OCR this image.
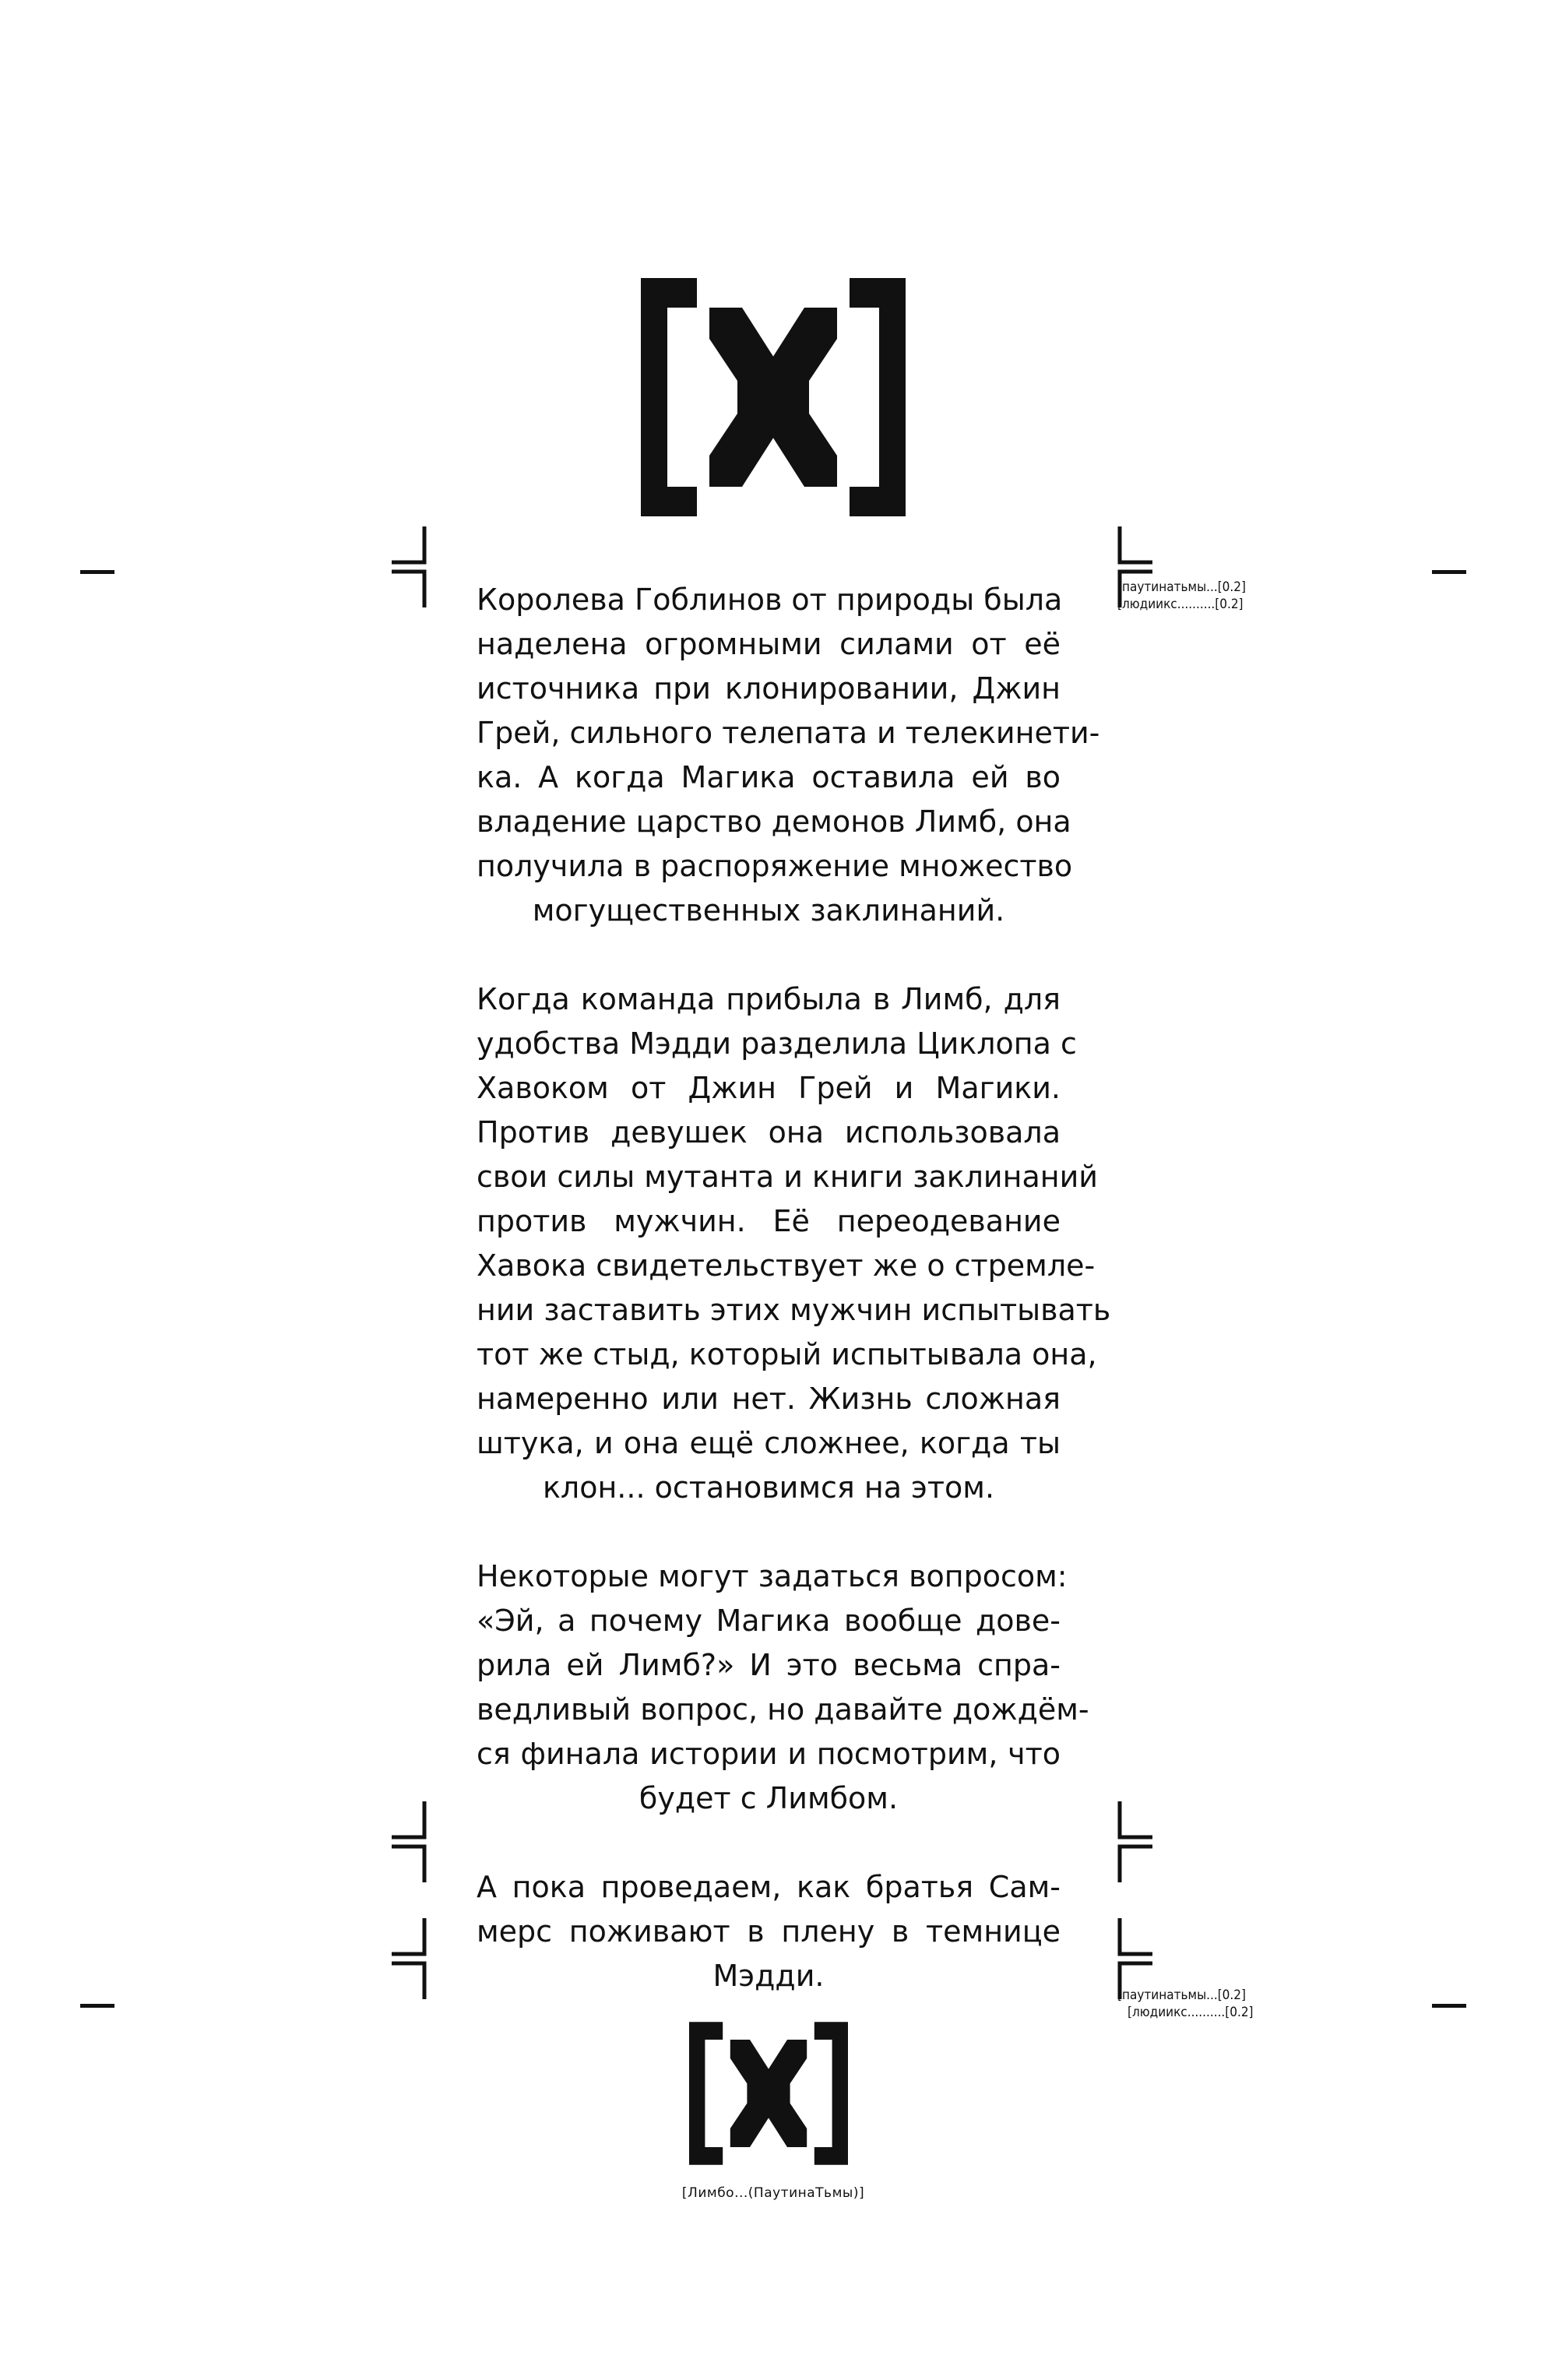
[Лимбо...(ПаутинаТьмы)]

Королева Гоблинов от природы была
наделена огромными силами от её
источника при клонировании, Джин
Грей, сильного телепата и телекинети-
ка. А когда Магика оставила ей во
владение царство демонов Лимб, она
получила в распоряжение множество
могущественных заклинаний.

Когда команда прибыла в Лимб, для
удобства Мэдди разделила Циклопа с
Хавоком от Джин Грей и Магики.
Против девушек она использовала
свои силы мутанта и книги заклинаний
против мужчин. Её переодевание
Хавока свидетельствует же о стремле-
нии заставить этих мужчин испытывать
тот же стыд, который испытывала она,
намеренно или нет. Жизнь сложная
штука, и она ещё сложнее, когда ты
клон... остановимся на этом.

Некоторые могут задаться вопросом:
«Эй, а почему Магика вообще дове-
рила ей Лимб?» И это весьма спра-
ведливый вопрос, но давайте дождём-
ся финала истории и посмотрим, что
будет с Лимбом.

А пока проведаем, как братья Сам-
мерс поживают в плену в темнице
Мэдди.

[паутинатьмы...[0.2]
[людиикс..........[0.2]
[паутинатьмы...[0.2]
[людиикс..........[0.2]
